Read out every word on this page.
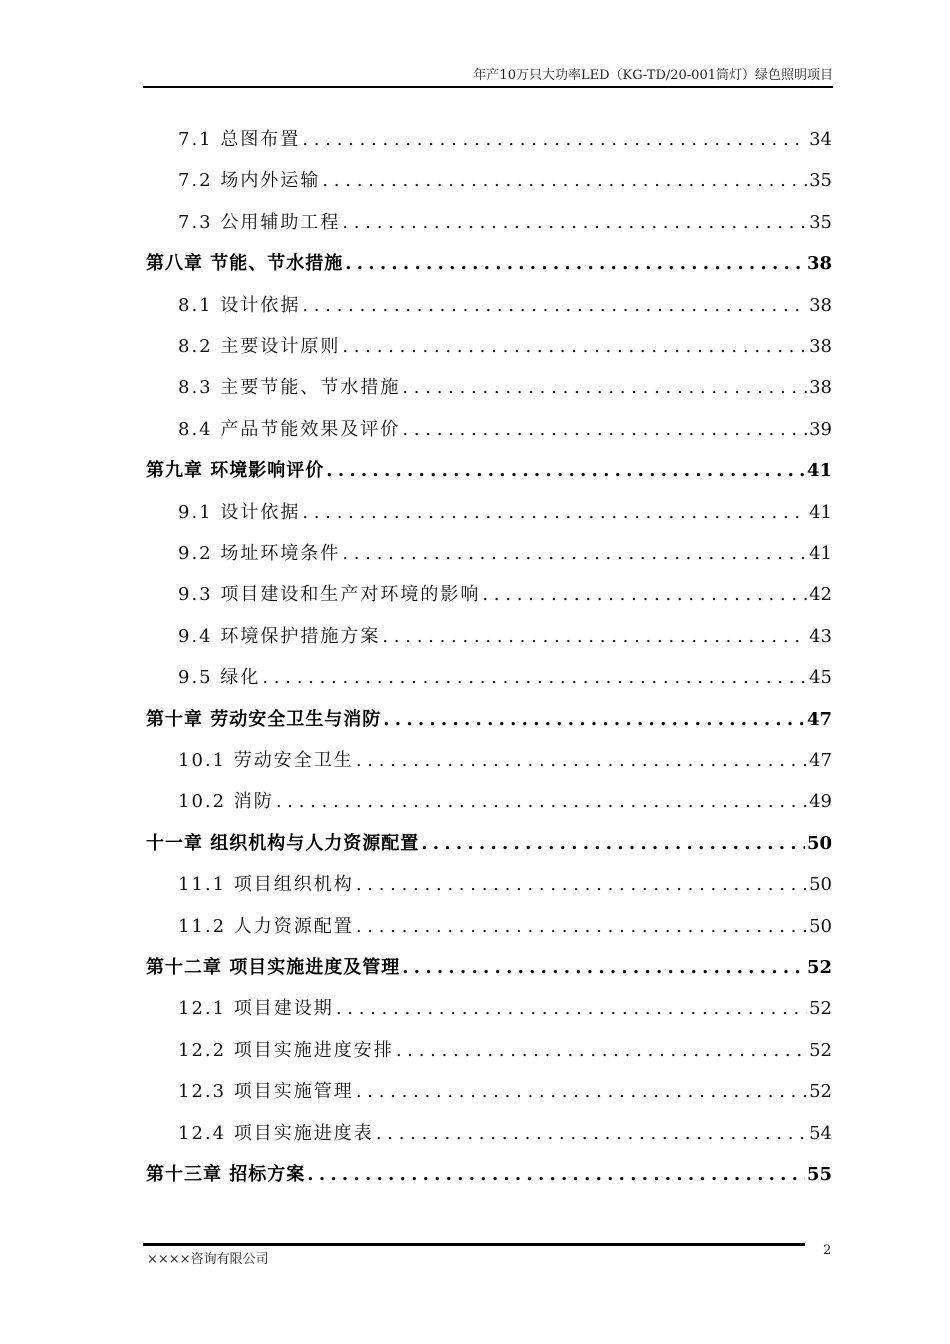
年产10万只大功率LED（KG-TD/20-001筒灯）绿色照明项目
7.1 总图布置 . . .	34
7.2 场内外运输 . . .	35
7.3 公用辅助工程 . . .	35
第八章 节能、节水措施 . . .	38
8.1 设计依据 . . .	38
8.2 主要设计原则 . . .	38
8.3 主要节能、节水措施 . . .	38
8.4 产品节能效果及评价 . . .	39
第九章 环境影响评价 . . .	41
9.1 设计依据 . . .	41
9.2 场址环境条件 . . .	41
9.3 项目建设和生产对环境的影响 . . .	42
9.4 环境保护措施方案 . . .	43
9.5 绿化 . . .	45
第十章 劳动安全卫生与消防 . . .	47
10.1 劳动安全卫生 . . .	47
10.2 消防 . . .	49
十一章 组织机构与人力资源配置 . . .	50
11.1 项目组织机构 . . .	50
11.2 人力资源配置 . . .	50
第十二章 项目实施进度及管理 . . .	52
12.1 项目建设期 . . .	52
12.2 项目实施进度安排 . . .	52
12.3 项目实施管理 . . .	52
12.4 项目实施进度表 . . .	54
第十三章 招标方案 . . .	55
××××咨询有限公司
2
